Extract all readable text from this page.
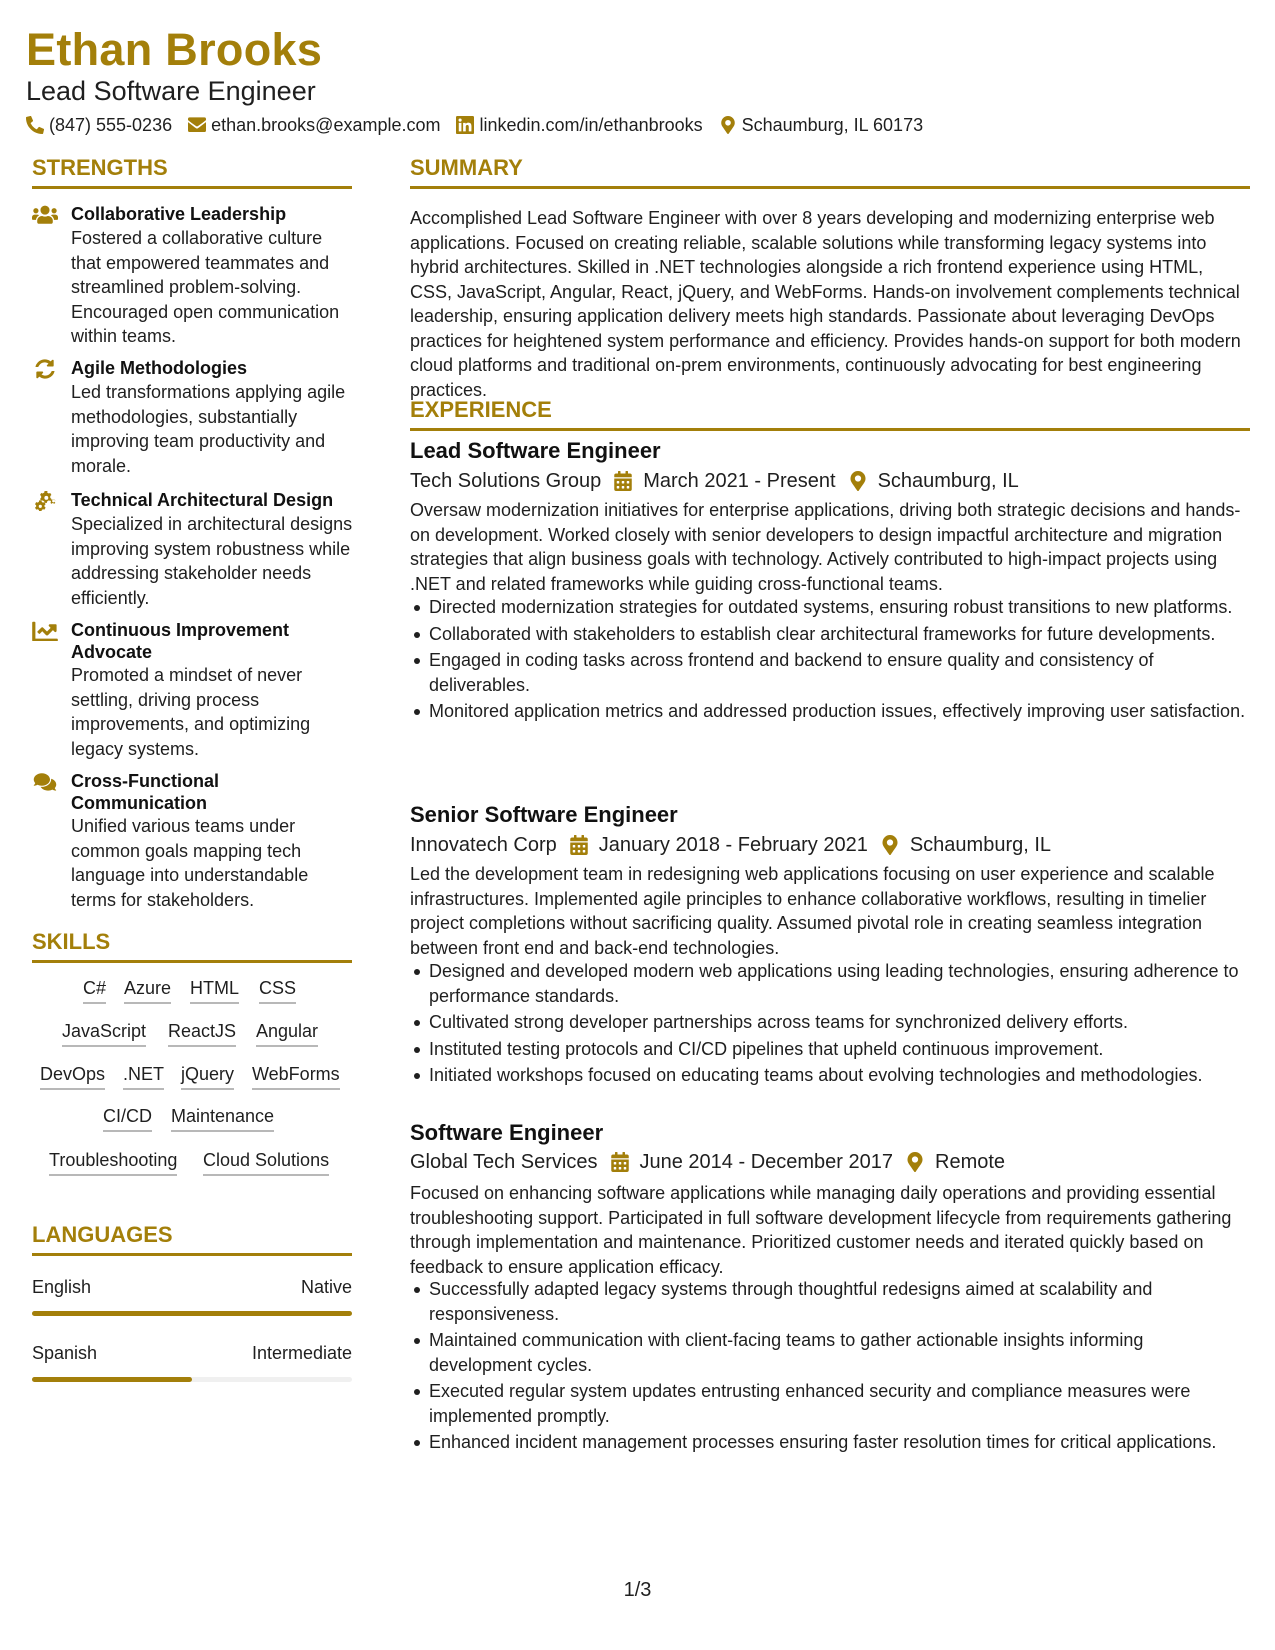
Ethan Brooks
Lead Software Engineer
(847) 555-0236 ethan.brooks@example.com linkedin.com/in/ethanbrooks Schaumburg, IL 60173
STRENGTHS
Collaborative Leadership
Fostered a collaborative culture that empowered teammates and streamlined problem-solving. Encouraged open communication within teams.
Agile Methodologies
Led transformations applying agile methodologies, substantially improving team productivity and morale.
Technical Architectural Design
Specialized in architectural designs improving system robustness while addressing stakeholder needs efficiently.
Continuous Improvement Advocate
Promoted a mindset of never settling, driving process improvements, and optimizing legacy systems.
Cross-Functional Communication
Unified various teams under common goals mapping tech language into understandable terms for stakeholders.
SKILLS
C# Azure HTML CSS
JavaScript ReactJS Angular
DevOps .NET jQuery WebForms
CI/CD Maintenance
Troubleshooting Cloud Solutions
LANGUAGES
English	Native
Spanish	Intermediate
SUMMARY
Accomplished Lead Software Engineer with over 8 years developing and modernizing enterprise web applications. Focused on creating reliable, scalable solutions while transforming legacy systems into hybrid architectures. Skilled in .NET technologies alongside a rich frontend experience using HTML, CSS, JavaScript, Angular, React, jQuery, and WebForms. Hands-on involvement complements technical leadership, ensuring application delivery meets high standards. Passionate about leveraging DevOps practices for heightened system performance and efficiency. Provides hands-on support for both modern cloud platforms and traditional on-prem environments, continuously advocating for best engineering practices.
EXPERIENCE
Lead Software Engineer
Tech Solutions Group March 2021 - Present Schaumburg, IL
Oversaw modernization initiatives for enterprise applications, driving both strategic decisions and hands-on development. Worked closely with senior developers to design impactful architecture and migration strategies that align business goals with technology. Actively contributed to high-impact projects using .NET and related frameworks while guiding cross-functional teams.
Directed modernization strategies for outdated systems, ensuring robust transitions to new platforms.
Collaborated with stakeholders to establish clear architectural frameworks for future developments.
Engaged in coding tasks across frontend and backend to ensure quality and consistency of deliverables.
Monitored application metrics and addressed production issues, effectively improving user satisfaction.
Senior Software Engineer
Innovatech Corp January 2018 - February 2021 Schaumburg, IL
Led the development team in redesigning web applications focusing on user experience and scalable infrastructures. Implemented agile principles to enhance collaborative workflows, resulting in timelier project completions without sacrificing quality. Assumed pivotal role in creating seamless integration between front end and back-end technologies.
Designed and developed modern web applications using leading technologies, ensuring adherence to performance standards.
Cultivated strong developer partnerships across teams for synchronized delivery efforts.
Instituted testing protocols and CI/CD pipelines that upheld continuous improvement.
Initiated workshops focused on educating teams about evolving technologies and methodologies.
Software Engineer
Global Tech Services June 2014 - December 2017 Remote
Focused on enhancing software applications while managing daily operations and providing essential troubleshooting support. Participated in full software development lifecycle from requirements gathering through implementation and maintenance. Prioritized customer needs and iterated quickly based on feedback to ensure application efficacy.
Successfully adapted legacy systems through thoughtful redesigns aimed at scalability and responsiveness.
Maintained communication with client-facing teams to gather actionable insights informing development cycles.
Executed regular system updates entrusting enhanced security and compliance measures were implemented promptly.
Enhanced incident management processes ensuring faster resolution times for critical applications.
1/3
